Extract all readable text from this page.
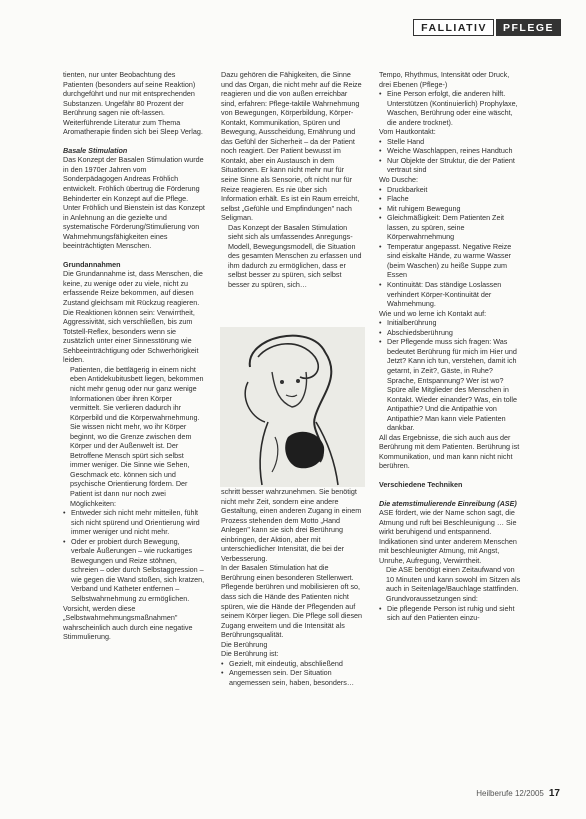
FALLIATIV	PFLEGE

tienten, nur unter Beobachtung des Patienten (besonders auf seine Reaktion) durchgeführt und nur mit entsprechenden Substanzen. Ungefähr 80 Prozent der Berührung sagen nie oft-lassen. Weiterführende Literatur zum Thema Aromatherapie finden sich bei Sleep Verlag.

Basale Stimulation

Das Konzept der Basalen Stimulation wurde in den 1970er Jahren vom Sonderpädagogen Andreas Fröhlich entwickelt. Fröhlich übertrug die Förderung Behinderter ein Konzept auf die Pflege. Unter Fröhlich und Bienstein ist das Konzept in Anlehnung an die gezielte und systematische Förderung/Stimulierung von Wahrnehmungsfähigkeiten eines beeinträchtigten Menschen.

Grundannahmen

Die Grundannahme ist, dass Menschen, die keine, zu wenige oder zu viele, nicht zu erfassende Reize bekommen, auf diesen Zustand gleichsam mit Rückzug reagieren. Die Reaktionen können sein: Verwirrtheit, Aggressivität, sich verschließen, bis zum Totstell-Reflex, besonders wenn sie zusätzlich unter einer Sinnesstörung wie Sehbeeinträchtigung oder Schwerhörigkeit leiden.

Patienten, die bettlägerig in einem nicht eben Antidekubitusbett liegen, bekommen nicht mehr genug oder nur ganz wenige Informationen über ihren Körper vermittelt. Sie verlieren dadurch ihr Körperbild und die Körperwahrnehmung. Sie wissen nicht mehr, wo ihr Körper beginnt, wo die Grenze zwischen dem Körper und der Außenwelt ist. Der Betroffene Mensch spürt sich selbst immer weniger. Die Sinne wie Sehen, Geschmack etc. können sich und psychische Orientierung fördern. Der Patient ist dann nur noch zwei Möglichkeiten:

• Entweder sich nicht mehr mitteilen, fühlt sich nicht spürend und Orientierung wird immer weniger und nicht mehr.

• Oder er probiert durch Bewegung, verbale Äußerungen – wie ruckartiges Bewegungen und Reize stöhnen, schreien – oder durch Selbstaggression – wie gegen die Wand stoßen, sich kratzen, Verband und Katheter entfernen – Selbstwahrnehmung zu ermöglichen.

Vorsicht, werden diese „Selbstwahrnehmungsmaßnahmen" wahrscheinlich auch durch eine negative Stimmulierung.

Dazu gehören die Fähigkeiten, die Sinne und das Organ, die nicht mehr auf die Reize reagieren und die von außen erreichbar sind, erfahren: Pflege-taktile Wahrnehmung von Bewegungen, Körperbildung, Körper-Kontakt, Kommunikation, Spüren und Bewegung, Ausscheidung, Ernährung und das Gefühl der Sicherheit – da der Patient noch reagiert. Der Patient bewusst im Kontakt, aber ein Austausch in dem Situationen. Er kann nicht mehr nur für seine Sinne als Sensorie, oft nicht nur für Reize reagieren. Es nie über sich Information erhält. Es ist ein Raum erreicht, selbst „Gefühle und Empfindungen" nach Seligman.

Das Konzept der Basalen Stimulation sieht sich als umfassendes Anregungs-Modell, Bewegungsmodell, die Situation des gesamten Menschen zu erfassen und ihm dadurch zu ermöglichen, dass er selbst besser zu spüren, sich selbst besser zu spüren, sich…

schritt besser wahrzunehmen. Sie benötigt nicht mehr Zeit, sondern eine andere Gestaltung, einen anderen Zugang in einem Prozess stehenden dem Motto „Hand Anlegen" kann sie sich drei Berührung einbringen, der Aktion, aber mit unterschiedlicher Intensität, die bei der Verbesserung.

In der Basalen Stimulation hat die Berührung einen besonderen Stellenwert. Pflegende berühren und mobilisieren oft so, dass sich die Hände des Patienten nicht spüren, wie die Hände der Pflegenden auf seinem Körper liegen. Die Pflege soll diesen Zugang erweitern und die Intensität als Berührungsqualität.

Die Berührung

Die Berührung ist:

• Gezielt, mit eindeutig, abschließend

• Angemessen sein. Der Situation angemessen sein, haben, besonders…

Tempo, Rhythmus, Intensität oder Druck, drei Ebenen (Pflege-)

• Eine Person erfolgt, die anderen hilft. Unterstützen (Kontinuierlich) Prophylaxe, Waschen, Berührung oder eine wäscht, die andere trocknet).

Vom Hautkontakt:

• Stelle Hand

• Weiche Waschlappen, reines Handtuch

• Nur Objekte der Struktur, die der Patient vertraut sind

Wo Dusche:

• Druckbarkeit

• Flache

• Mit ruhigem Bewegung

• Gleichmäßigkeit: Dem Patienten Zeit lassen, zu spüren, seine Körperwahrnehmung

• Temperatur angepasst. Negative Reize sind eiskalte Hände, zu warme Wasser (beim Waschen) zu heiße Suppe zum Essen

• Kontinuität: Das ständige Loslassen verhindert Körper-Kontinuität der Wahrnehmung.

Wie und wo lerne ich Kontakt auf:

• Initialberührung

• Abschiedsberührung

• Der Pflegende muss sich fragen: Was bedeutet Berührung für mich im Hier und Jetzt? Kann ich tun, verstehen, damit ich getarnt, in Zeit?, Gäste, in Ruhe? Sprache, Entspannung? Wer ist wo? Spüre alle Mitglieder des Menschen in Kontakt. Wieder einander? Was, ein tolle Antipathie? Und die Antipathie von Antipathie? Man kann viele Patienten dankbar.

All das Ergebnisse, die sich auch aus der Berührung mit dem Patienten. Berührung ist Kommunikation, und man kann nicht nicht berühren.

Verschiedene Techniken

Die atemstimulierende Einreibung (ASE)

ASE fördert, wie der Name schon sagt, die Atmung und ruft bei Beschleunigung … Sie wirkt beruhigend und entspannend. Indikationen sind unter anderem Menschen mit beschleunigter Atmung, mit Angst, Unruhe, Aufregung, Verwirrtheit.

Die ASE benötigt einen Zeitaufwand von 10 Minuten und kann sowohl im Sitzen als auch in Seitenlage/Bauchlage stattfinden.

Grundvoraussetzungen sind:

• Die pflegende Person ist ruhig und sieht sich auf den Patienten einzu-

Heilberufe 12/2005 17
